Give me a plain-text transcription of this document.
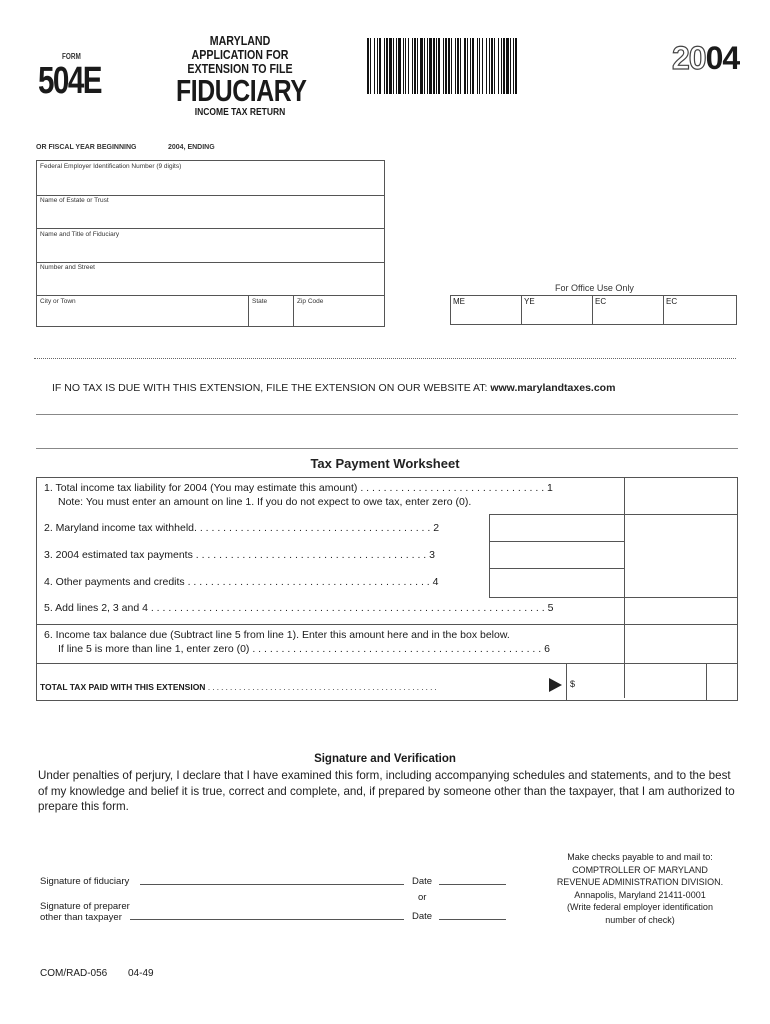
FORM
504E
MARYLAND
APPLICATION FOR
EXTENSION TO FILE
FIDUCIARY
INCOME TAX RETURN
2004
OR FISCAL YEAR BEGINNING	2004, ENDING
Federal Employer Identification Number (9 digits)
Name of Estate or Trust
Name and Title of Fiduciary
Number and Street
City or Town	State	Zip Code
For Office Use Only
ME	YE	EC	EC
IF NO TAX IS DUE WITH THIS EXTENSION, FILE THE EXTENSION ON OUR WEBSITE AT: www.marylandtaxes.com
Tax Payment Worksheet
1. Total income tax liability for 2004 (You may estimate this amount) . . . . . . . . . . . . . . . . . . . . . . . . . . . . . . . . 1
Note: You must enter an amount on line 1. If you do not expect to owe tax, enter zero (0).
2. Maryland income tax withheld. . . . . . . . . . . . . . . . . . . . . . . . . . . . . . . . . . . . . . . . . 2
3. 2004 estimated tax payments . . . . . . . . . . . . . . . . . . . . . . . . . . . . . . . . . . . . . . . . 3
4. Other payments and credits . . . . . . . . . . . . . . . . . . . . . . . . . . . . . . . . . . . . . . . . . . 4
5. Add lines 2, 3 and 4 . . . . . . . . . . . . . . . . . . . . . . . . . . . . . . . . . . . . . . . . . . . . . . . . . . . . . . . . . . . . . . . . . . . . 5
6. Income tax balance due (Subtract line 5 from line 1). Enter this amount here and in the box below.
If line 5 is more than line 1, enter zero (0) . . . . . . . . . . . . . . . . . . . . . . . . . . . . . . . . . . . . . . . . . . . . . . . . . . 6
TOTAL TAX PAID WITH THIS EXTENSION . . . . . . . . . . . . . . . . . . . . . . . . . . . . . . . . . . . . . . . . . . . . . . . . . . . .	$
Signature and Verification
Under penalties of perjury, I declare that I have examined this form, including accompanying schedules and statements, and to the best of my knowledge and belief it is true, correct and complete, and, if prepared by someone other than the taxpayer, that I am authorized to prepare this form.
Signature of fiduciary	Date
or
Signature of preparer
other than taxpayer	Date
Make checks payable to and mail to:
COMPTROLLER OF MARYLAND
REVENUE ADMINISTRATION DIVISION.
Annapolis, Maryland 21411-0001
(Write federal employer identification
number of check)
COM/RAD-056 04-49
